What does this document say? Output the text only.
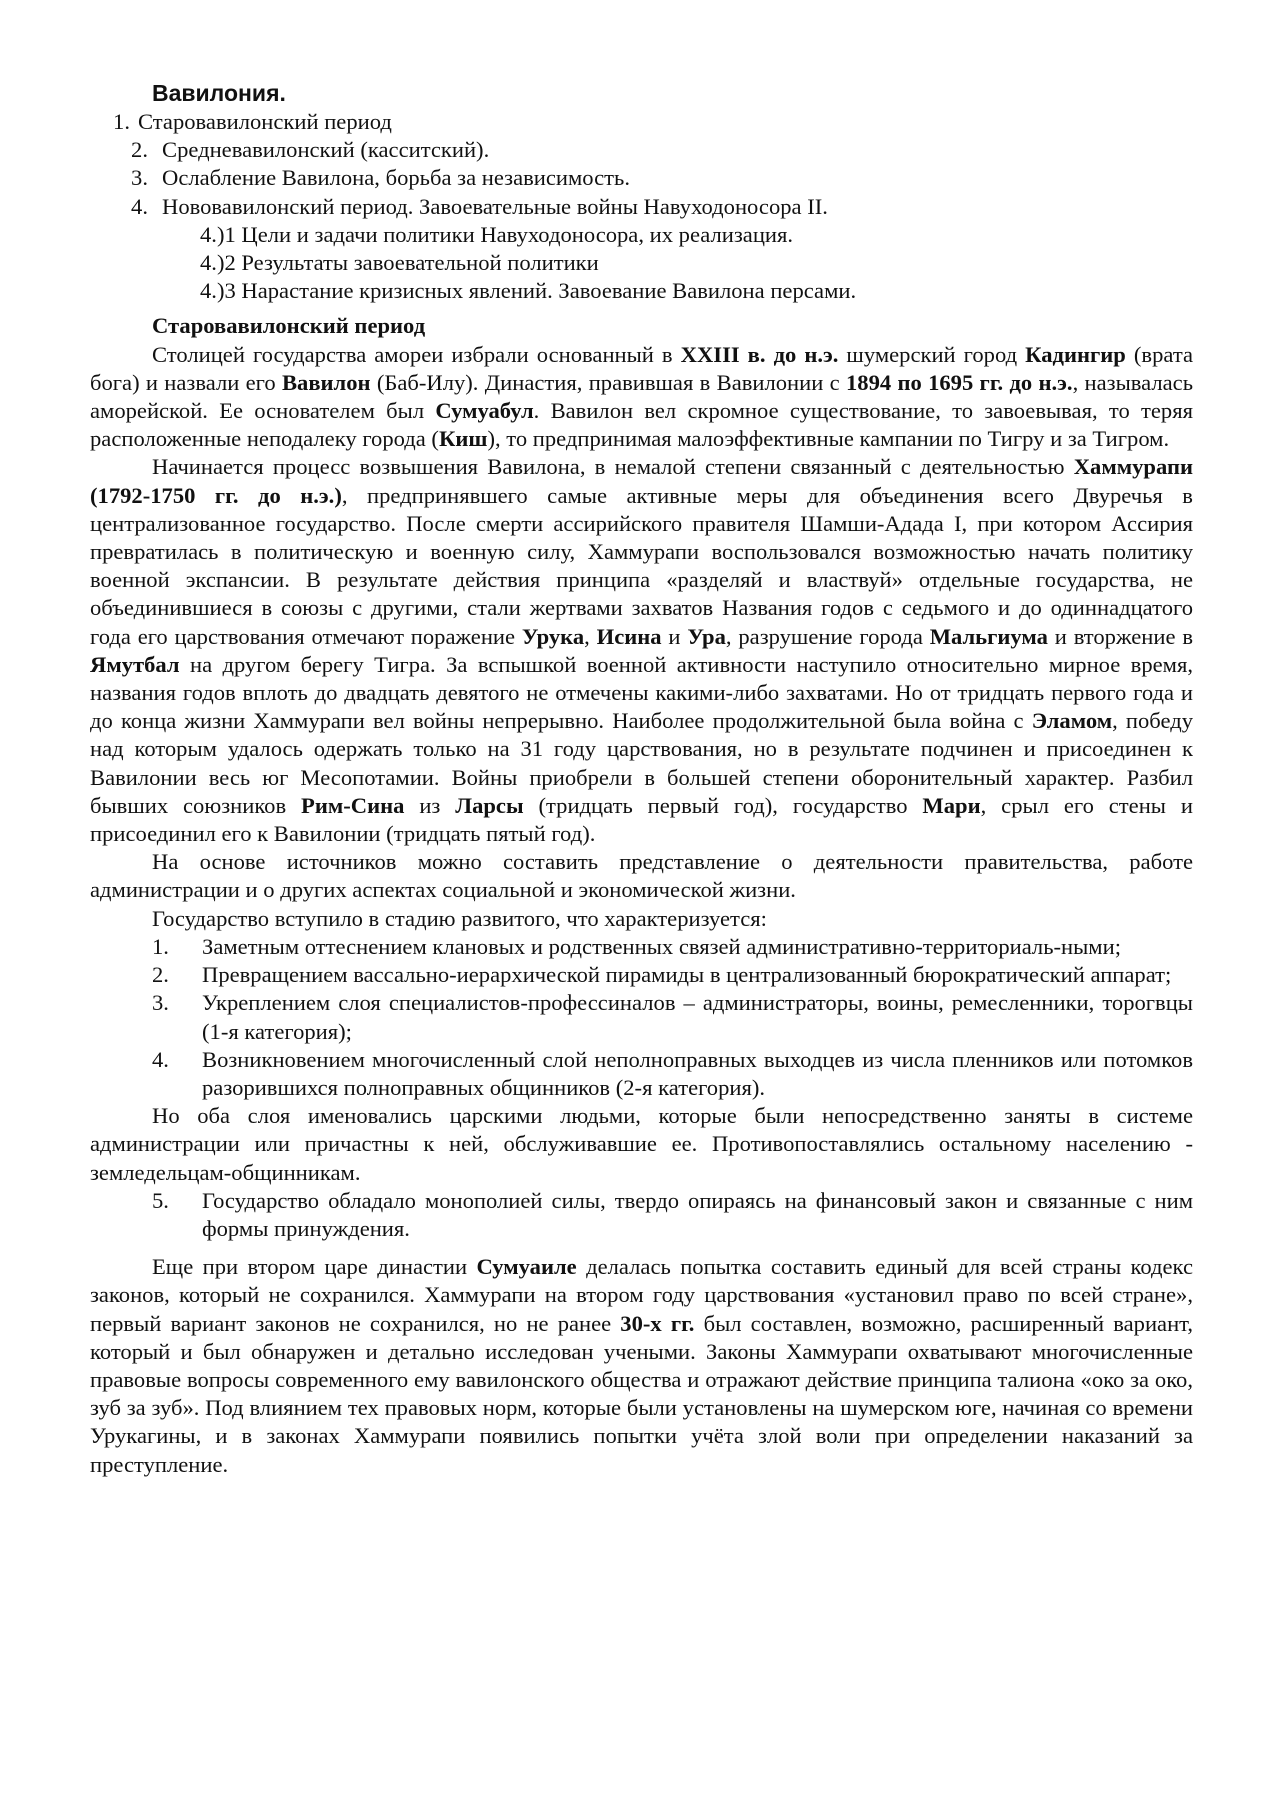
Вавилония.
1. Старовавилонский период
2. Средневавилонский (касситский).
3. Ослабление Вавилона, борьба за независимость.
4. Нововавилонский период. Завоевательные войны Навуходоносора II.
4.)1 Цели и задачи политики Навуходоносора, их реализация.
4.)2 Результаты завоевательной политики
4.)3 Нарастание кризисных явлений. Завоевание Вавилона персами.
Старовавилонский период

Столицей государства амореи избрали основанный в XXIII в. до н.э. шумерский город Кадингир (врата бога) и назвали его Вавилон (Баб-Илу). Династия, правившая в Вавилонии с 1894 по 1695 гг. до н.э., называлась аморейской. Ее основателем был Сумуабул. Вавилон вел скромное существование, то завоевывая, то теряя расположенные неподалеку города (Киш), то предпринимая малоэффективные кампании по Тигру и за Тигром.

Начинается процесс возвышения Вавилона, в немалой степени связанный с деятельностью Хаммурапи (1792-1750 гг. до н.э.), предпринявшего самые активные меры для объединения всего Двуречья в централизованное государство. После смерти ассирийского правителя Шамши-Адада I, при котором Ассирия превратилась в политическую и военную силу, Хаммурапи воспользовался возможностью начать политику военной экспансии. В результате действия принципа «разделяй и властвуй» отдельные государства, не объединившиеся в союзы с другими, стали жертвами захватов Названия годов с седьмого и до одиннадцатого года его царствования отмечают поражение Урука, Исина и Ура, разрушение города Мальгиума и вторжение в Ямутбал на другом берегу Тигра. За вспышкой военной активности наступило относительно мирное время, названия годов вплоть до двадцать девятого не отмечены какими-либо захватами. Но от тридцать первого года и до конца жизни Хаммурапи вел войны непрерывно. Наиболее продолжительной была война с Эламом, победу над которым удалось одержать только на 31 году царствования, но в результате подчинен и присоединен к Вавилонии весь юг Месопотамии. Войны приобрели в большей степени оборонительный характер. Разбил бывших союзников Рим-Сина из Ларсы (тридцать первый год), государство Мари, срыл его стены и присоединил его к Вавилонии (тридцать пятый год).

На основе источников можно составить представление о деятельности правительства, работе администрации и о других аспектах социальной и экономической жизни.

Государство вступило в стадию развитого, что характеризуется:

1.	Заметным оттеснением клановых и родственных связей административно-территориаль-ными;
2.	Превращением вассально-иерархической пирамиды в централизованный бюрократический аппарат;
3.	Укреплением слоя специалистов-профессиналов – администраторы, воины, ремесленники, торогвцы (1-я категория);
4.	Возникновением многочисленный слой неполноправных выходцев из числа пленников или потомков разорившихся полноправных общинников (2-я категория).

Но оба слоя именовались царскими людьми, которые были непосредственно заняты в системе администрации или причастны к ней, обслуживавшие ее. Противопоставлялись остальному населению - земледельцам-общинникам.

5.	Государство обладало монополией силы, твердо опираясь на финансовый закон и связанные с ним формы принуждения.

Еще при втором царе династии Сумуаиле делалась попытка составить единый для всей страны кодекс законов, который не сохранился. Хаммурапи на втором году царствования «установил право по всей стране», первый вариант законов не сохранился, но не ранее 30-х гг. был составлен, возможно, расширенный вариант, который и был обнаружен и детально исследован учеными. Законы Хаммурапи охватывают многочисленные правовые вопросы современного ему вавилонского общества и отражают действие принципа талиона «око за око, зуб за зуб». Под влиянием тех правовых норм, которые были установлены на шумерском юге, начиная со времени Урукагины, и в законах Хаммурапи появились попытки учёта злой воли при определении наказаний за преступление.
